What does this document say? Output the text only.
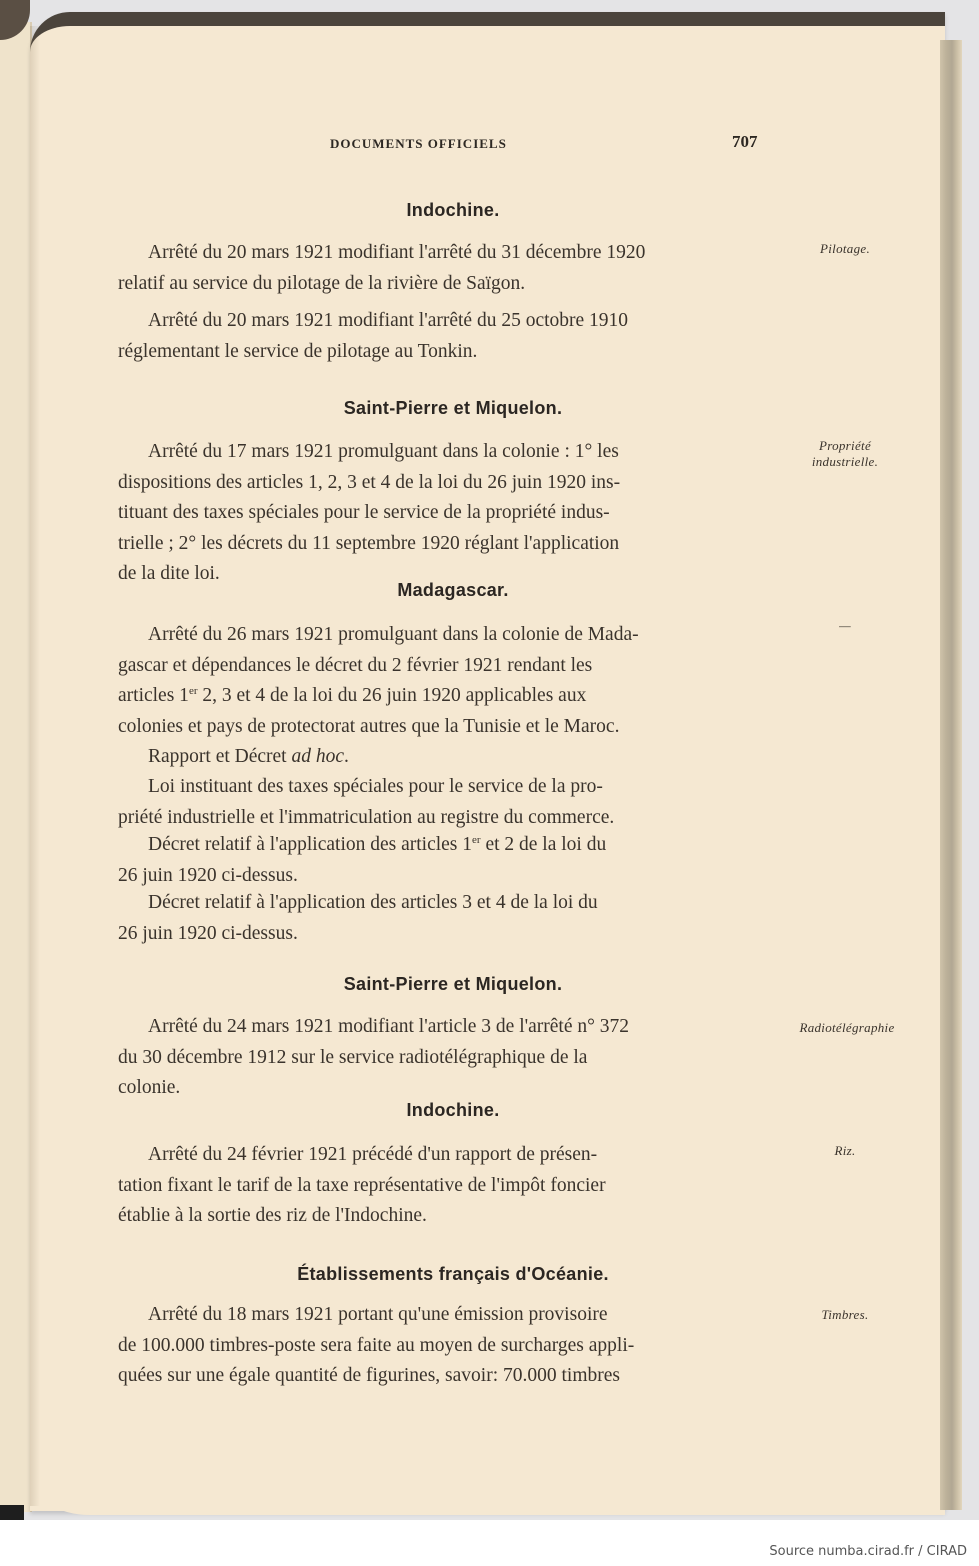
DOCUMENTS OFFICIELS	707
Indochine.
Arrêté du 20 mars 1921 modifiant l'arrêté du 31 décembre 1920
relatif au service du pilotage de la rivière de Saïgon.
Arrêté du 20 mars 1921 modifiant l'arrêté du 25 octobre 1910
réglementant le service de pilotage au Tonkin.
Pilotage.
Saint-Pierre et Miquelon.
Arrêté du 17 mars 1921 promulguant dans la colonie : 1° les
dispositions des articles 1, 2, 3 et 4 de la loi du 26 juin 1920 ins-
tituant des taxes spéciales pour le service de la propriété indus-
trielle ; 2° les décrets du 11 septembre 1920 réglant l'application
de la dite loi.
Propriété
industrielle.
Madagascar.
Arrêté du 26 mars 1921 promulguant dans la colonie de Mada-
gascar et dépendances le décret du 2 février 1921 rendant les
articles 1er 2, 3 et 4 de la loi du 26 juin 1920 applicables aux
colonies et pays de protectorat autres que la Tunisie et le Maroc.
Rapport et Décret ad hoc.
Loi instituant des taxes spéciales pour le service de la pro-
priété industrielle et l'immatriculation au registre du commerce.
Décret relatif à l'application des articles 1er et 2 de la loi du
26 juin 1920 ci-dessus.
Décret relatif à l'application des articles 3 et 4 de la loi du
26 juin 1920 ci-dessus.
—
Saint-Pierre et Miquelon.
Arrêté du 24 mars 1921 modifiant l'article 3 de l'arrêté n° 372
du 30 décembre 1912 sur le service radiotélégraphique de la
colonie.
Radiotélégraphie
Indochine.
Arrêté du 24 février 1921 précédé d'un rapport de présen-
tation fixant le tarif de la taxe représentative de l'impôt foncier
établie à la sortie des riz de l'Indochine.
Riz.
Établissements français d'Océanie.
Arrêté du 18 mars 1921 portant qu'une émission provisoire
de 100.000 timbres-poste sera faite au moyen de surcharges appli-
quées sur une égale quantité de figurines, savoir: 70.000 timbres
Timbres.
Source numba.cirad.fr / CIRAD
